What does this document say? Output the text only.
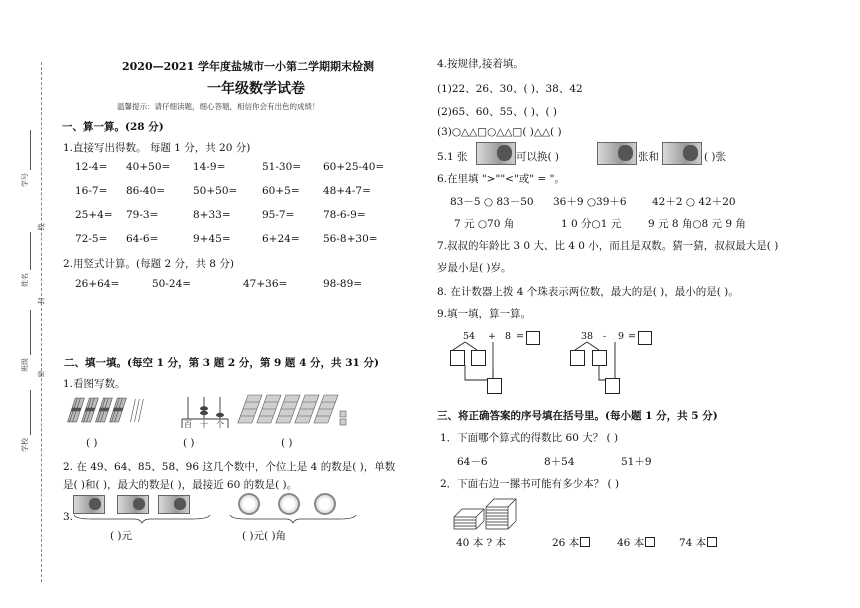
学号
线
姓名
封
班级
密
学校
2020—2021 学年度盐城市一小第二学期期末检测
一年级数学试卷
温馨提示：请仔细读题，细心答题，相信你会有出色的成绩！
一、算一算。(28 分)
1.直接写出得数。 每题 1 分，共 20 分)
12-4= 40+50= 14-9=	51-30= 60+25-40=
16-7= 86-40=	50+50= 60+5= 48+4-7=
25+4= 79-3=	8+33=	95-7=	78-6-9=
72-5= 64-6=	9+45=	6+24= 56-8+30=
2.用竖式计算。(每题 2 分，共 8 分)
26+64=	50-24=	47+36=	98-89=
二、填一填。(每空 1 分，第 3 题 2 分，第 9 题 4 分，共 31 分)
1.看图写数。
( )
百 十 个
( )	( )
2. 在 49、64、85、58、96 这几个数中，个位上是 4 的数是( )，单数
是( )和( )，最大的数是( )，最接近 60 的数是( )。
3.
( )元	( )元( )角
4.按规律,接着填。
(1)22、26、30、( )、38、42
(2)65、60、55、( )、( )
(3)○△△□○△△□( )△△( )
5.1 张	可以换( )	张和	( )张
6.在里填 ">""<"或" = "。
83－5 ○ 83－50 36＋9 ○39＋6 42＋2 ○ 42＋20
7 元 ○70 角	1 0 分○1 元	9 元 8 角○8 元 9 角
7.叔叔的年龄比 3 0 大、比 4 0 小，而且是双数。猜一猜，叔叔最大是( )
岁最小是( )岁。
8. 在计数器上拨 4 个珠表示两位数，最大的是( )，最小的是( )。
9.填一填，算一算。
54 + 8 =	38 - 9 =
三、将正确答案的序号填在括号里。(每小题 1 分，共 5 分)
1．下面哪个算式的得数比 60 大？ ( )
64－6	8＋54	51＋9
2．下面右边一摞书可能有多少本？ ( )
40 本 ? 本	26 本	46 本	74 本
